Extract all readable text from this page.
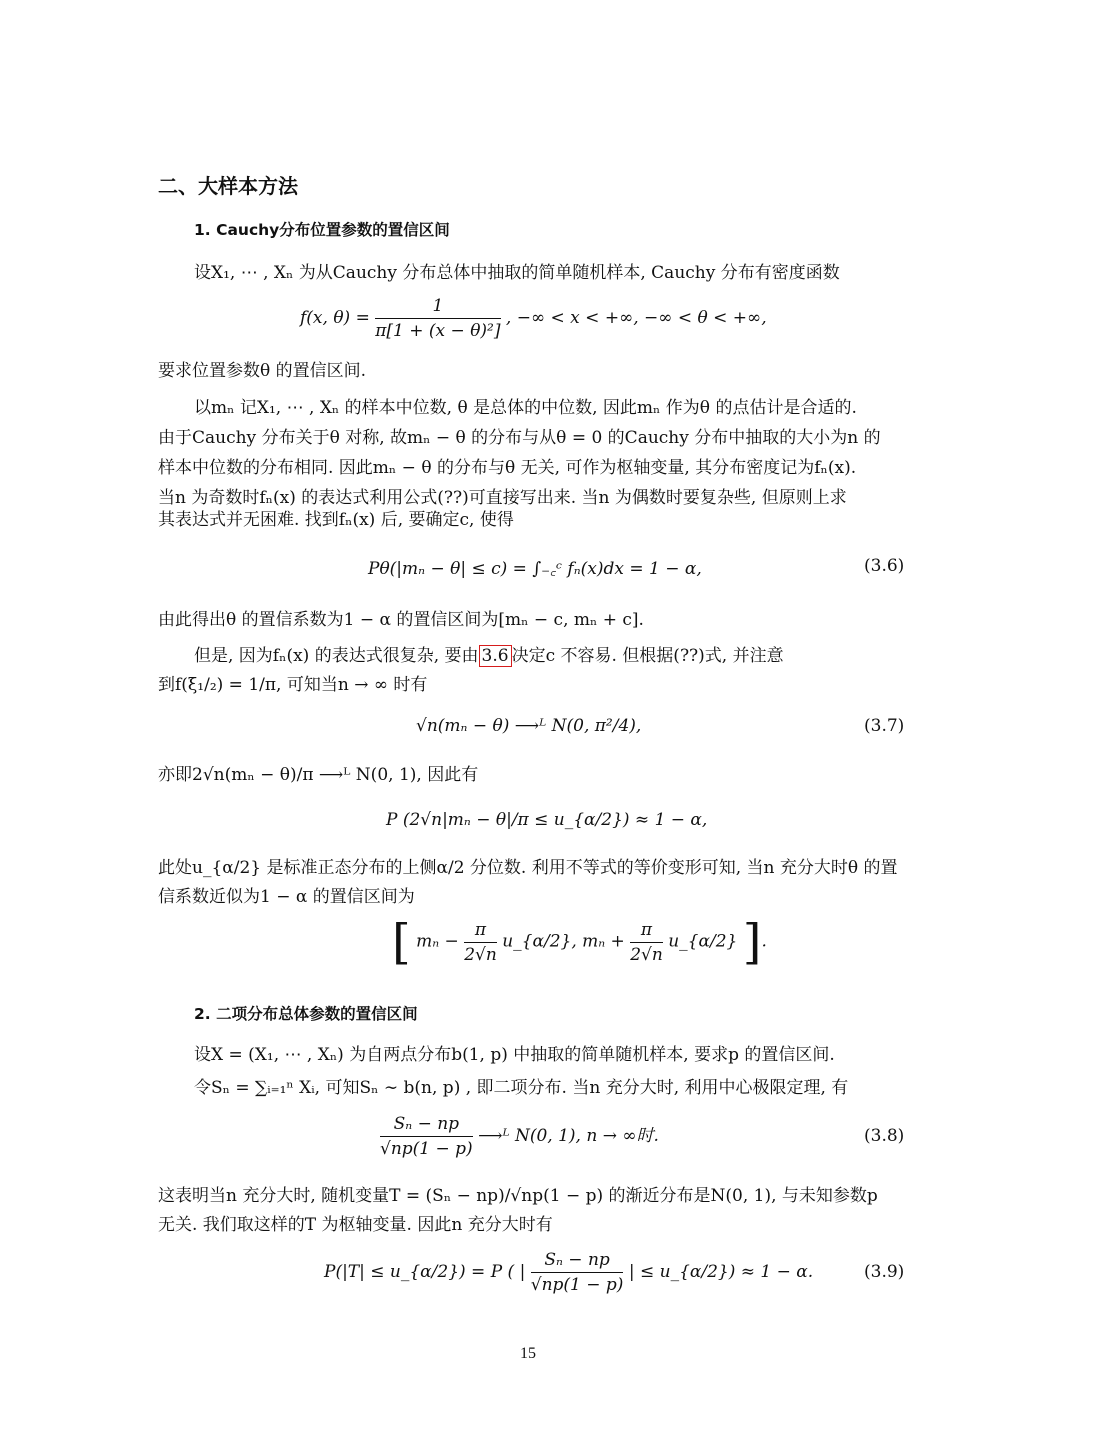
二、大样本方法
1. Cauchy分布位置参数的置信区间
设X₁, ⋯ , Xₙ 为从Cauchy 分布总体中抽取的简单随机样本, Cauchy 分布有密度函数
f(x, $\theta) = \frac{1}{\text{π[1 + (x − θ)²]}}$ , −∞ < x < +∞, −∞ < θ < +∞,
要求位置参数θ 的置信区间.
以mₙ 记X₁, ⋯ , Xₙ 的样本中位数, θ 是总体的中位数, 因此mₙ 作为θ 的点估计是合适的.
由于Cauchy 分布关于θ 对称, 故mₙ − θ 的分布与从θ = 0 的Cauchy 分布中抽取的大小为n 的
样本中位数的分布相同. 因此mₙ − θ 的分布与θ 无关, 可作为枢轴变量, 其分布密度记为fₙ(x).
当n 为奇数时fₙ(x) 的表达式利用公式(??)可直接写出来. 当n 为偶数时要复杂些, 但原则上求
其表达式并无困难. 找到fₙ(x) 后, 要确定c, 使得
Pθ(|mₙ − θ| ≤ c) = ∫₋꜀ᶜ fₙ(x)dx = 1 − α,	(3.6)
由此得出θ 的置信系数为1 − α 的置信区间为[mₙ − c, mₙ + c].
但是, 因为fₙ(x) 的表达式很复杂, 要由 3.6 决定c 不容易. 但根据(??)式, 并注意
到f(ξ₁/₂) = 1/π, 可知当n → ∞ 时有
√n(mₙ − θ) ⟶ᴸ N(0, π²/4),	(3.7)
亦即2√n(mₙ − θ)/π ⟶ᴸ N(0, 1), 因此有
P (2√n|mₙ − θ|/π ≤ u_{α/2}) ≈ 1 − α,
此处u_{α/2} 是标准正态分布的上侧α/2 分位数. 利用不等式的等价变形可知, 当n 充分大时θ 的置
信系数近似为1 − α 的置信区间为
[ $m_n - \frac{\pi}{2√n}$ u_{α/2}, $m_n + \frac{\pi}{2√n}$ u_{α/2} ].
2. 二项分布总体参数的置信区间
设X = (X₁, ⋯ , Xₙ) 为自两点分布b(1, p) 中抽取的简单随机样本, 要求p 的置信区间.
令Sₙ = ∑ᵢ₌₁ⁿ Xᵢ, 可知Sₙ ∼ b(n, p) , 即二项分布. 当n 充分大时, 利用中心极限定理, 有
$\frac{\text{Sₙ − np}}{√np(1 - p)}$ ⟶ᴸ N(0, 1), n → ∞时.	(3.8)
这表明当n 充分大时, 随机变量T = (Sₙ − np)/√np(1 − p) 的渐近分布是N(0, 1), 与未知参数p
无关. 我们取这样的T 为枢轴变量. 因此n 充分大时有
P(|T| ≤ u_{α/2}) = P ( | $\frac{\text{Sₙ − np}}{√np(1 - p)}$ | ≤ u_{α/2}) ≈ 1 − α.	(3.9)
15
